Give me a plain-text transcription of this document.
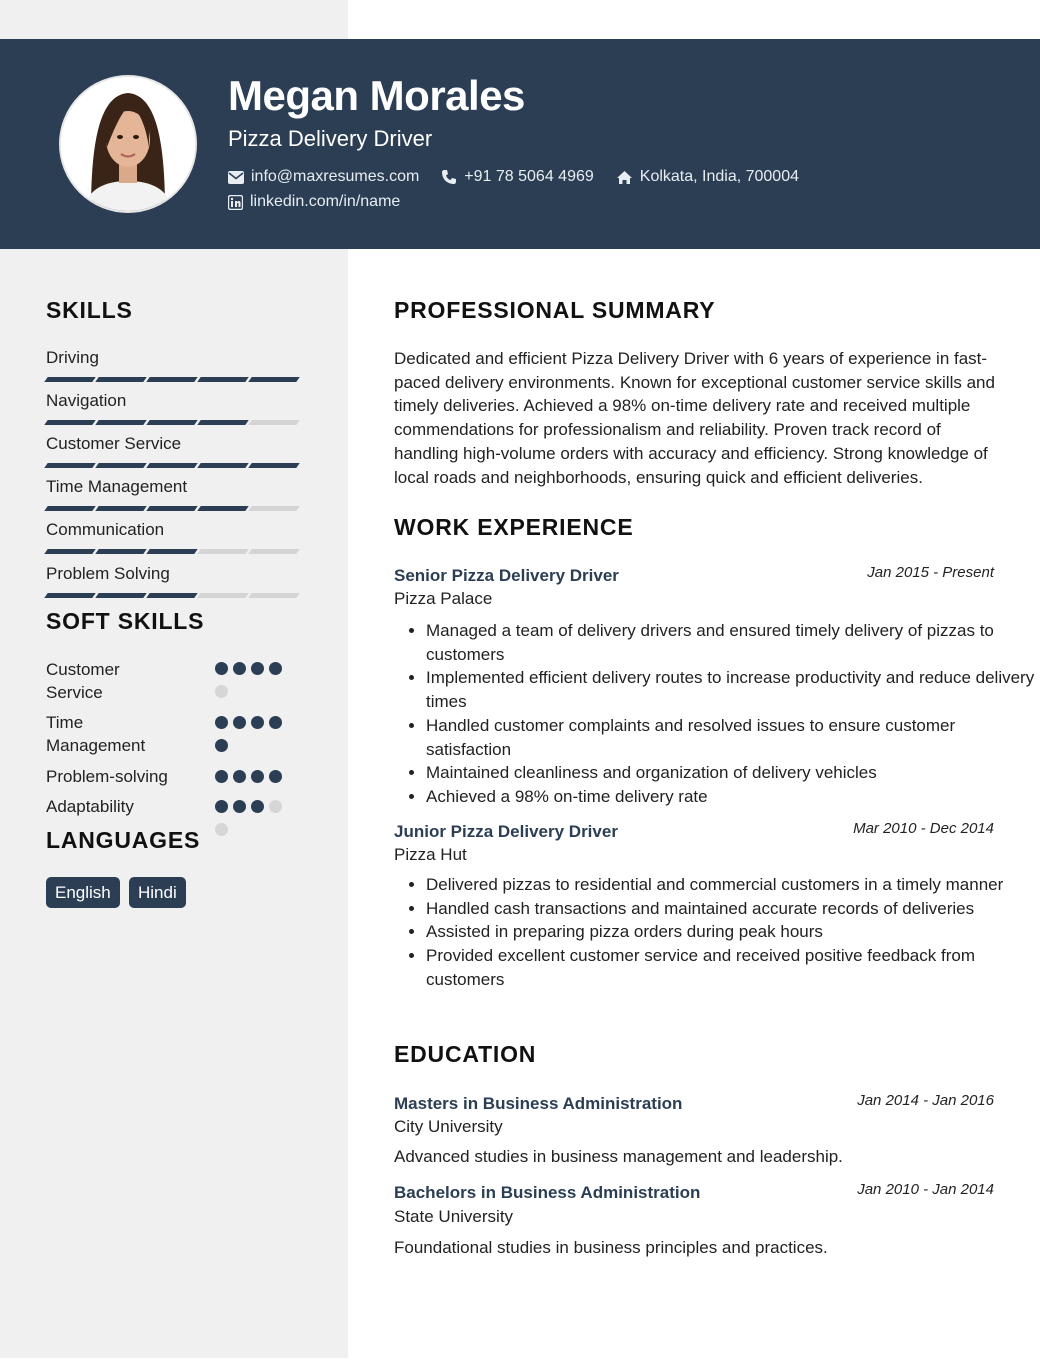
Megan Morales
Pizza Delivery Driver
info@maxresumes.com	+91 78 5064 4969	Kolkata, India, 700004
linkedin.com/in/name
SKILLS
Driving
Navigation
Customer Service
Time Management
Communication
Problem Solving
SOFT SKILLS
Customer Service
Time Management
Problem-solving
Adaptability
LANGUAGES
English	Hindi
PROFESSIONAL SUMMARY

Dedicated and efficient Pizza Delivery Driver with 6 years of experience in fast-paced delivery environments. Known for exceptional customer service skills and timely deliveries. Achieved a 98% on-time delivery rate and received multiple commendations for professionalism and reliability. Proven track record of handling high-volume orders with accuracy and efficiency. Strong knowledge of local roads and neighborhoods, ensuring quick and efficient deliveries.

WORK EXPERIENCE
Senior Pizza Delivery Driver	Jan 2015 - Present
Pizza Palace
• Managed a team of delivery drivers and ensured timely delivery of pizzas to customers
• Implemented efficient delivery routes to increase productivity and reduce delivery times
• Handled customer complaints and resolved issues to ensure customer satisfaction
• Maintained cleanliness and organization of delivery vehicles
• Achieved a 98% on-time delivery rate
Junior Pizza Delivery Driver	Mar 2010 - Dec 2014
Pizza Hut
• Delivered pizzas to residential and commercial customers in a timely manner
• Handled cash transactions and maintained accurate records of deliveries
• Assisted in preparing pizza orders during peak hours
• Provided excellent customer service and received positive feedback from customers
EDUCATION
Masters in Business Administration	Jan 2014 - Jan 2016
City University
Advanced studies in business management and leadership.
Bachelors in Business Administration	Jan 2010 - Jan 2014
State University
Foundational studies in business principles and practices.
